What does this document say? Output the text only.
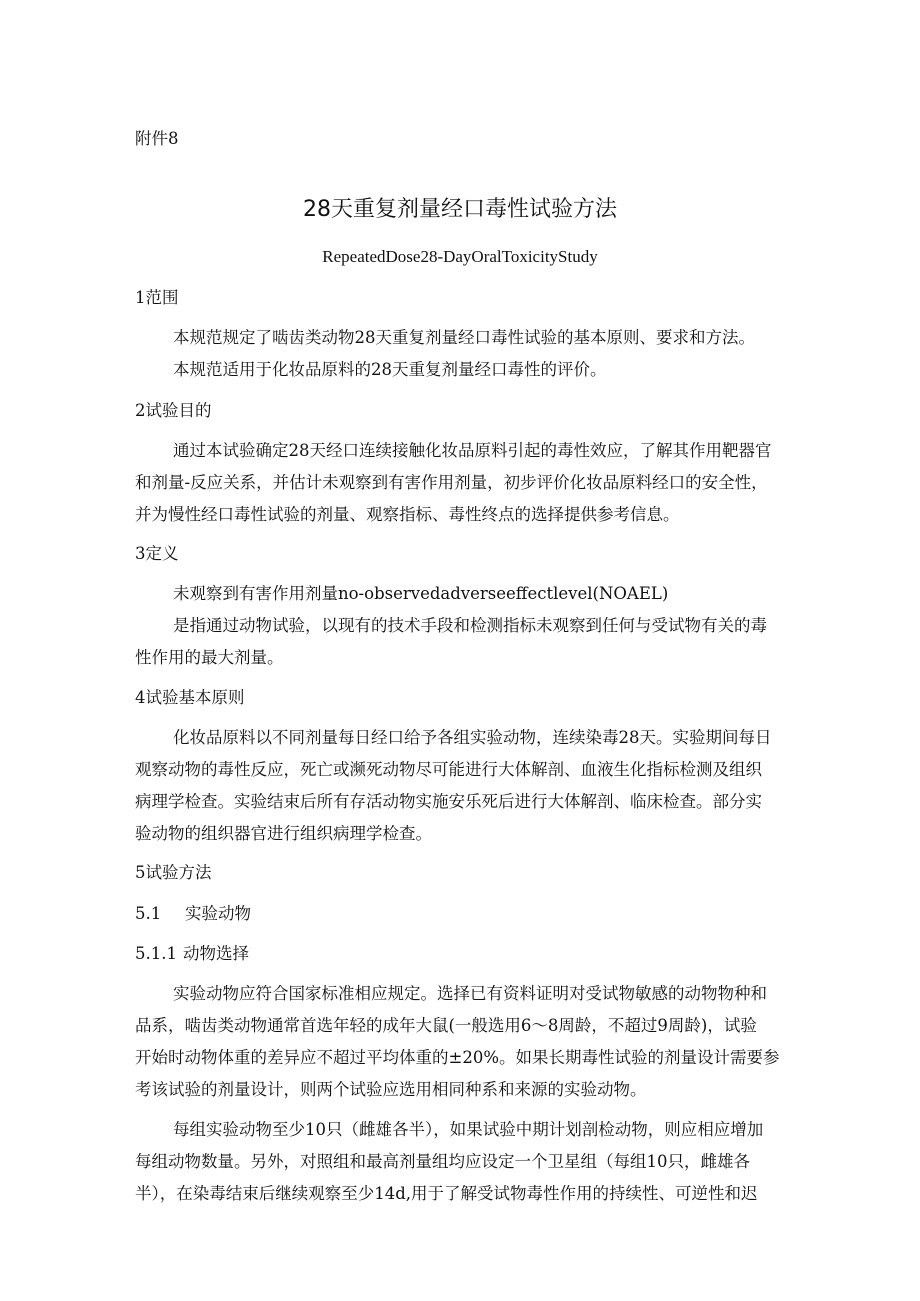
附件8
28天重复剂量经口毒性试验方法
RepeatedDose28-DayOralToxicityStudy
1范围
本规范规定了啮齿类动物28天重复剂量经口毒性试验的基本原则、要求和方法。
本规范适用于化妆品原料的28天重复剂量经口毒性的评价。
2试验目的
通过本试验确定28天经口连续接触化妆品原料引起的毒性效应，了解其作用靶器官
和剂量-反应关系，并估计未观察到有害作用剂量，初步评价化妆品原料经口的安全性，
并为慢性经口毒性试验的剂量、观察指标、毒性终点的选择提供参考信息。
3定义
未观察到有害作用剂量no-observedadverseeffectlevel(NOAEL)
是指通过动物试验，以现有的技术手段和检测指标未观察到任何与受试物有关的毒
性作用的最大剂量。
4试验基本原则
化妆品原料以不同剂量每日经口给予各组实验动物，连续染毒28天。实验期间每日
观察动物的毒性反应，死亡或濒死动物尽可能进行大体解剖、血液生化指标检测及组织
病理学检查。实验结束后所有存活动物实施安乐死后进行大体解剖、临床检查。部分实
验动物的组织器官进行组织病理学检查。
5试验方法
5.1 实验动物
5.1.1 动物选择
实验动物应符合国家标准相应规定。选择已有资料证明对受试物敏感的动物物种和
品系，啮齿类动物通常首选年轻的成年大鼠(一般选用6～8周龄，不超过9周龄)，试验
开始时动物体重的差异应不超过平均体重的±20%。如果长期毒性试验的剂量设计需要参
考该试验的剂量设计，则两个试验应选用相同种系和来源的实验动物。
每组实验动物至少10只（雌雄各半），如果试验中期计划剖检动物，则应相应增加
每组动物数量。另外，对照组和最高剂量组均应设定一个卫星组（每组10只，雌雄各
半），在染毒结束后继续观察至少14d,用于了解受试物毒性作用的持续性、可逆性和迟
